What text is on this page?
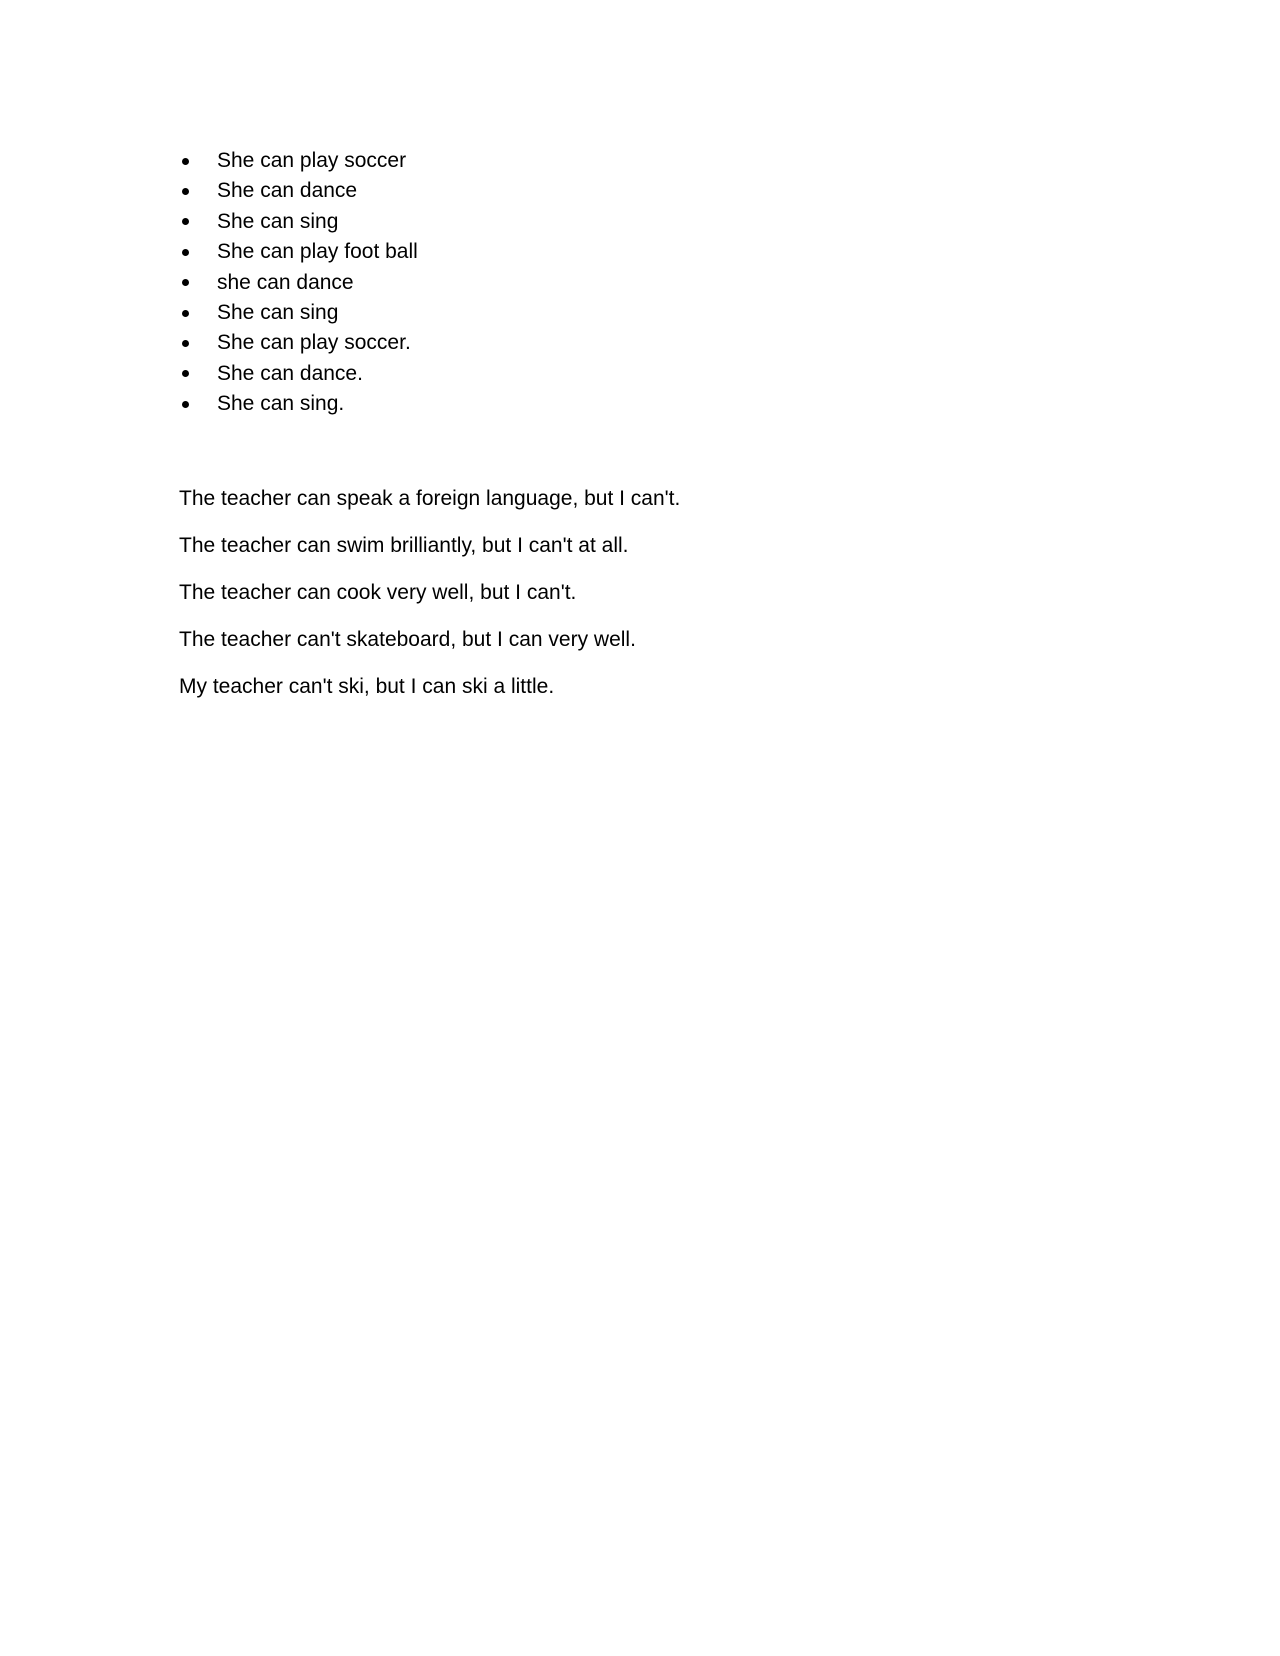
She can play soccer
She can dance
She can sing
She can play foot ball
she can dance
She can sing
She can play soccer.
She can dance.
She can sing.

The teacher can speak a foreign language, but I can't.

The teacher can swim brilliantly, but I can't at all.

The teacher can cook very well, but I can't.

The teacher can't skateboard, but I can very well.

My teacher can't ski, but I can ski a little.
